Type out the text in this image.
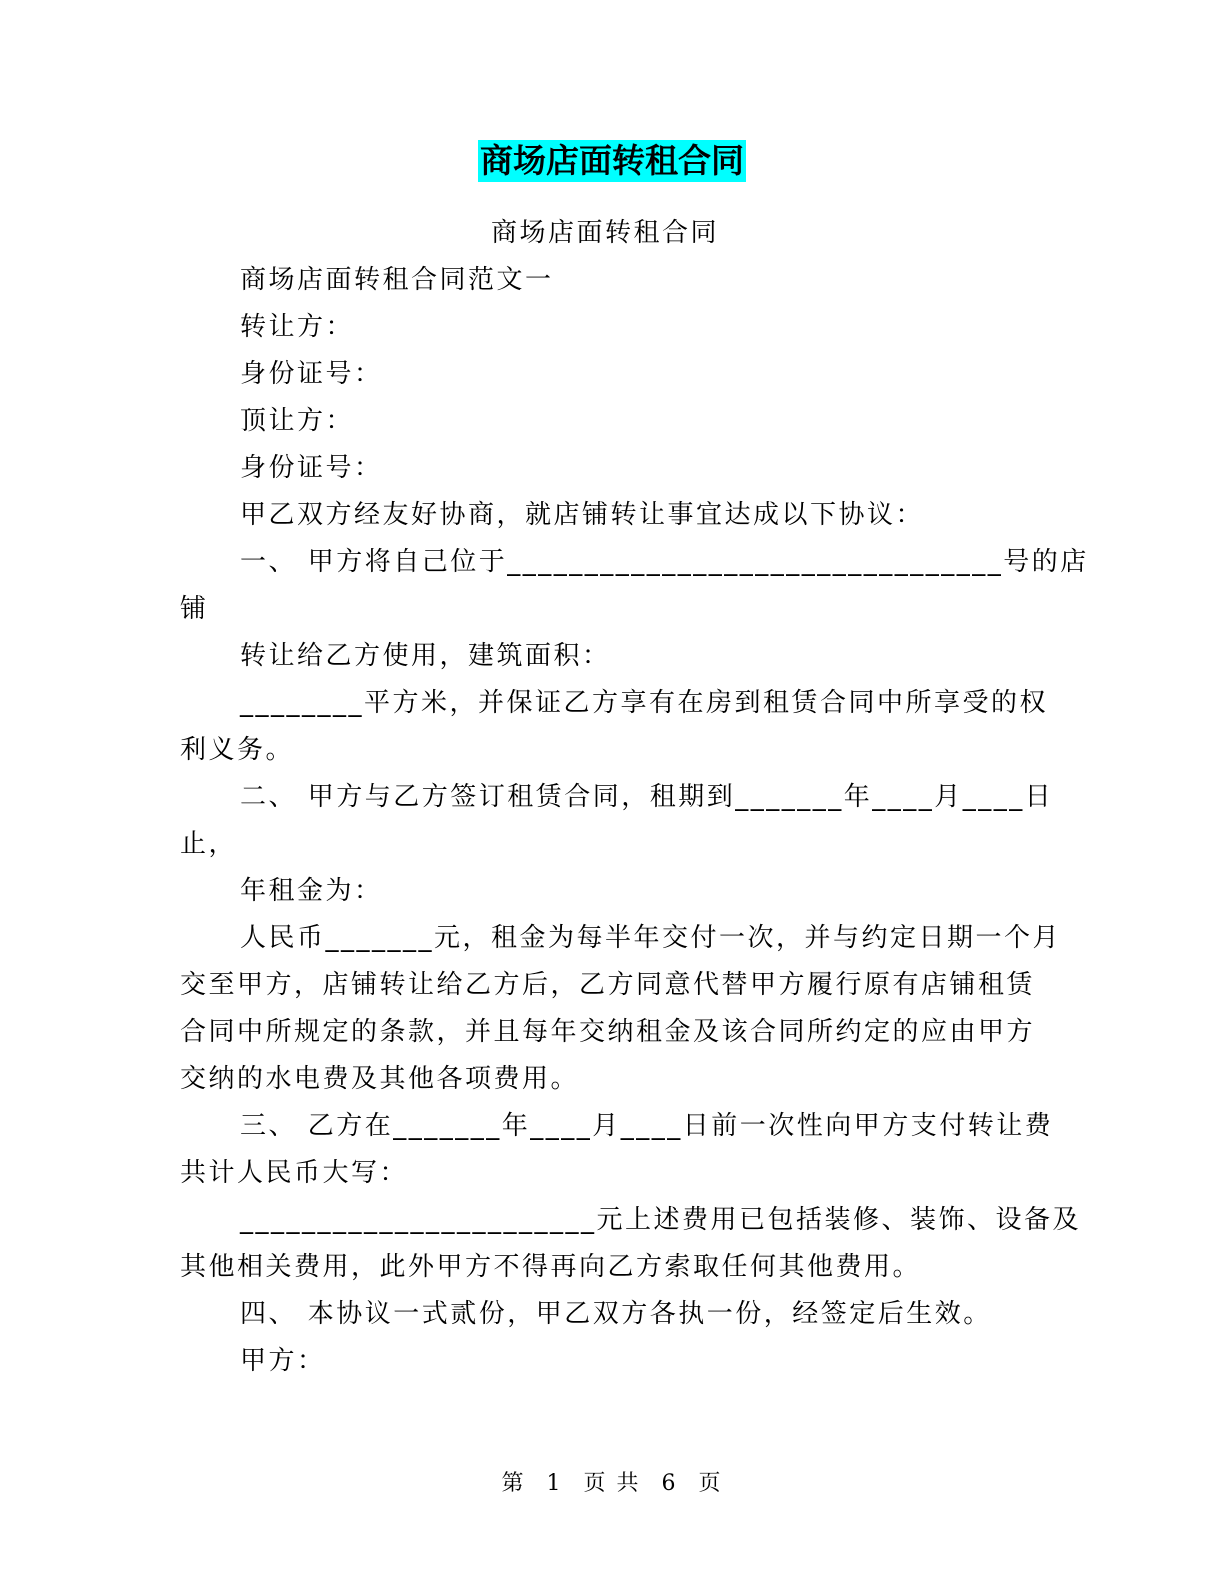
商场店面转租合同
商场店面转租合同
商场店面转租合同范文一
转让方：
身份证号：
顶让方：
身份证号：
甲乙双方经友好协商，就店铺转让事宜达成以下协议：
一、 甲方将自己位于________________________________号的店
铺
转让给乙方使用，建筑面积：
________平方米，并保证乙方享有在房到租赁合同中所享受的权
利义务。
二、 甲方与乙方签订租赁合同，租期到_______年____月____日
止，
年租金为：
人民币_______元，租金为每半年交付一次，并与约定日期一个月
交至甲方，店铺转让给乙方后，乙方同意代替甲方履行原有店铺租赁
合同中所规定的条款，并且每年交纳租金及该合同所约定的应由甲方
交纳的水电费及其他各项费用。
三、 乙方在_______年____月____日前一次性向甲方支付转让费
共计人民币大写：
_______________________元上述费用已包括装修、装饰、设备及
其他相关费用，此外甲方不得再向乙方索取任何其他费用。
四、 本协议一式贰份，甲乙双方各执一份，经签定后生效。
甲方：
第 1 页 共 6 页
